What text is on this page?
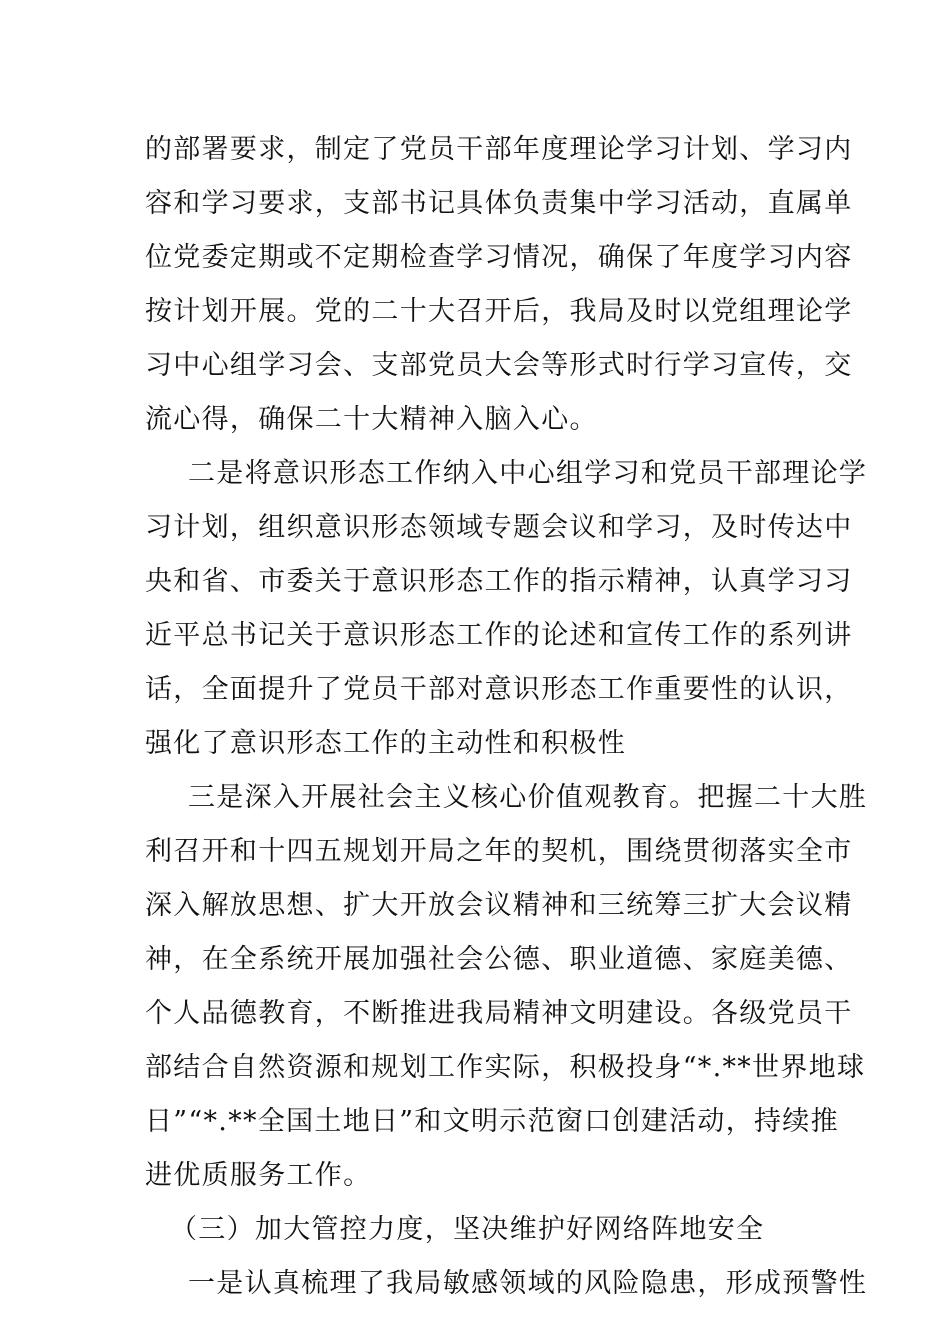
的部署要求，制定了党员干部年度理论学习计划、学习内
容和学习要求，支部书记具体负责集中学习活动，直属单
位党委定期或不定期检查学习情况，确保了年度学习内容
按计划开展。党的二十大召开后，我局及时以党组理论学
习中心组学习会、支部党员大会等形式时行学习宣传，交
流心得，确保二十大精神入脑入心。
二是将意识形态工作纳入中心组学习和党员干部理论学
习计划，组织意识形态领域专题会议和学习，及时传达中
央和省、市委关于意识形态工作的指示精神，认真学习习
近平总书记关于意识形态工作的论述和宣传工作的系列讲
话，全面提升了党员干部对意识形态工作重要性的认识，
强化了意识形态工作的主动性和积极性
三是深入开展社会主义核心价值观教育。把握二十大胜
利召开和十四五规划开局之年的契机，围绕贯彻落实全市
深入解放思想、扩大开放会议精神和三统筹三扩大会议精
神，在全系统开展加强社会公德、职业道德、家庭美德、
个人品德教育，不断推进我局精神文明建设。各级党员干
部结合自然资源和规划工作实际，积极投身“*.**世界地球
日”“*.**全国土地日”和文明示范窗口创建活动，持续推
进优质服务工作。
（三）加大管控力度，坚决维护好网络阵地安全
一是认真梳理了我局敏感领域的风险隐患，形成预警性
